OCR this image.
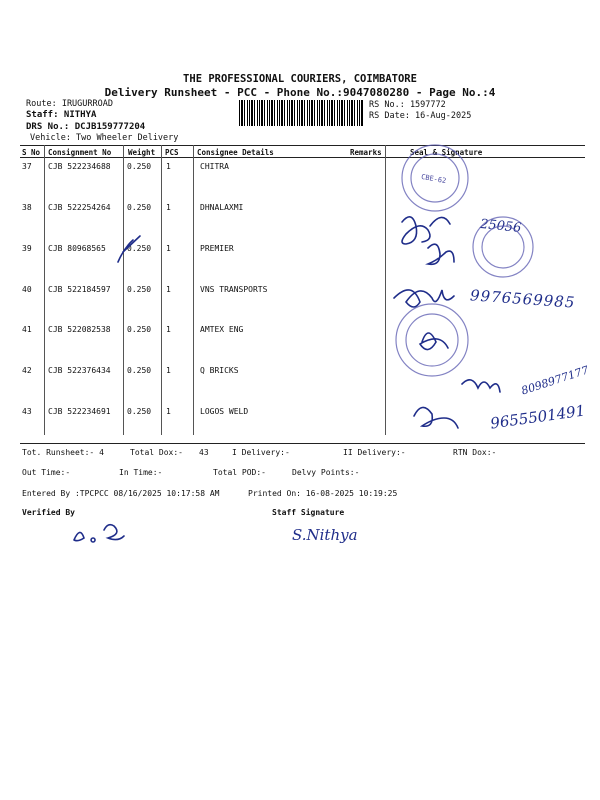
THE PROFESSIONAL COURIERS, COIMBATORE
Delivery Runsheet - PCC - Phone No.:9047080280 - Page No.:4
Route: IRUGURROAD
Staff: NITHYA
DRS No.: DCJB159777204
Vehicle: Two Wheeler Delivery
RS No.: 1597772
RS Date: 16-Aug-2025
S No Consignment No Weight PCS Consignee Details	Remarks	Seal & Signature
37 CJB 522234688 0.250 1	CHITRA
38 CJB 522254264 0.250 1	DHNALAXMI
39 CJB 80968565	0.250 1	PREMIER
40 CJB 522184597 0.250 1	VNS TRANSPORTS
41 CJB 522082538 0.250 1	AMTEX ENG
42 CJB 522376434 0.250 1	Q BRICKS
43 CJB 522234691 0.250 1	LOGOS WELD
Tot. Runsheet:- 4	Total Dox:- 43	I Delivery:-	II Delivery:-	RTN Dox:-
Out Time:-	In Time:-	Total POD:-	Delvy Points:-
Entered By :TPCPCC 08/16/2025 10:17:58 AM	Printed On: 16-08-2025 10:19:25
Verified By	Staff Signature
25056
9976569985
8098977177
9655501491
S.Nithya
CBE-62
